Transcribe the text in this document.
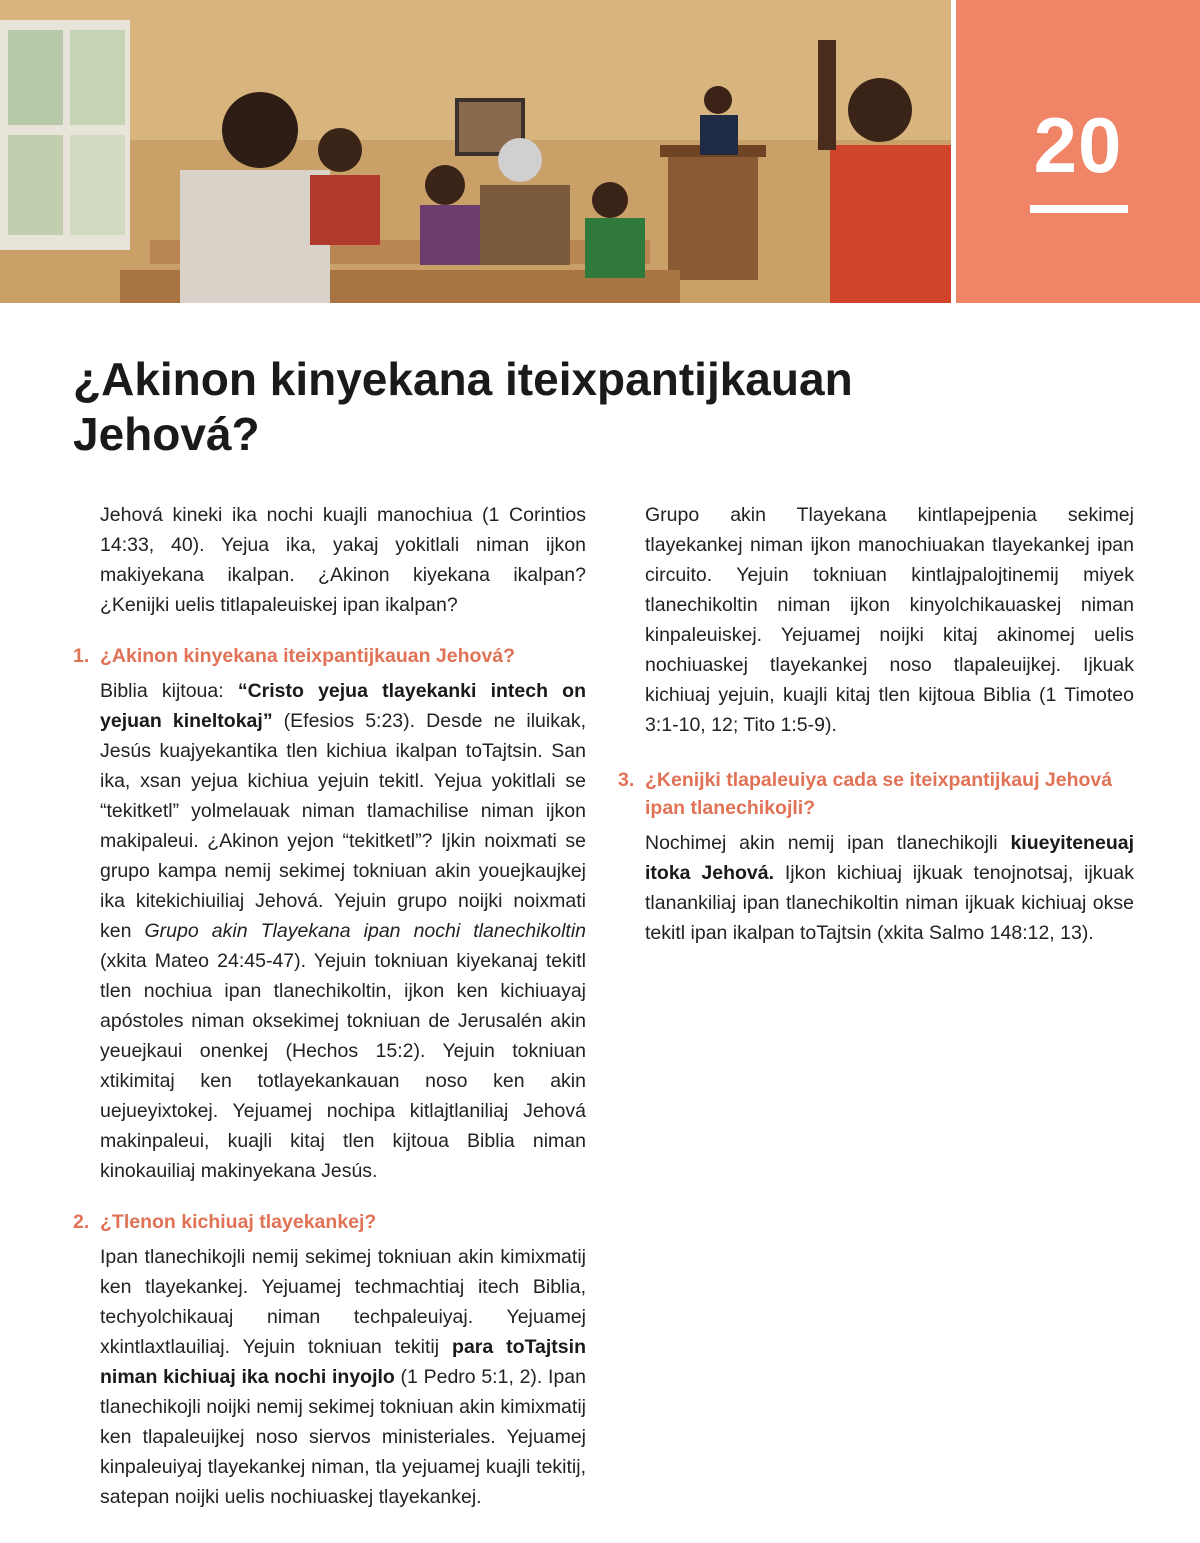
20
¿Akinon kinyekana iteixpantijkauan Jehová?

Jehová kineki ika nochi kuajli manochiua (1 Corintios 14:33, 40). Yejua ika, yakaj yokitlali niman ijkon makiyekana ikalpan. ¿Akinon kiyekana ikalpan? ¿Kenijki uelis titlapaleuiskej ipan ikalpan?

1. ¿Akinon kinyekana iteixpantijkauan Jehová?

Biblia kijtoua: “Cristo yejua tlayekanki intech on yejuan kineltokaj” (Efesios 5:23). Desde ne iluikak, Jesús kuajyekantika tlen kichiua ikalpan toTajtsin. San ika, xsan yejua kichiua yejuin tekitl. Yejua yokitlali se “tekitketl” yolmelauak niman tlamachilise niman ijkon makipaleui. ¿Akinon yejon “tekitketl”? Ijkin noixmati se grupo kampa nemij sekimej tokniuan akin youejkaujkej ika kitekichiuiliaj Jehová. Yejuin grupo noijki noixmati ken Grupo akin Tlayekana ipan nochi tlanechikoltin (xkita Mateo 24:45-47). Yejuin tokniuan kiyekanaj tekitl tlen nochiua ipan tlanechikoltin, ijkon ken kichiuayaj apóstoles niman oksekimej tokniuan de Jerusalén akin yeuejkaui onenkej (Hechos 15:2). Yejuin tokniuan xtikimitaj ken totlayekankauan noso ken akin uejueyixtokej. Yejuamej nochipa kitlajtlaniliaj Jehová makinpaleui, kuajli kitaj tlen kijtoua Biblia niman kinokauiliaj makinyekana Jesús.

2. ¿Tlenon kichiuaj tlayekankej?

Ipan tlanechikojli nemij sekimej tokniuan akin kimixmatij ken tlayekankej. Yejuamej techmachtiaj itech Biblia, techyolchikauaj niman techpaleuiyaj. Yejuamej xkintlaxtlauiliaj. Yejuin tokniuan tekitij para toTajtsin niman kichiuaj ika nochi inyojlo (1 Pedro 5:1, 2). Ipan tlanechikojli noijki nemij sekimej tokniuan akin kimixmatij ken tlapaleuijkej noso siervos ministeriales. Yejuamej kinpaleuiyaj tlayekankej niman, tla yejuamej kuajli tekitij, satepan noijki uelis nochiuaskej tlayekankej.

Grupo akin Tlayekana kintlapejpenia sekimej tlayekankej niman ijkon manochiuakan tlayekankej ipan circuito. Yejuin tokniuan kintlajpalojtinemij miyek tlanechikoltin niman ijkon kinyolchikauaskej niman kinpaleuiskej. Yejuamej noijki kitaj akinomej uelis nochiuaskej tlayekankej noso tlapaleuijkej. Ijkuak kichiuaj yejuin, kuajli kitaj tlen kijtoua Biblia (1 Timoteo 3:1-10, 12; Tito 1:5-9).

3. ¿Kenijki tlapaleuiya cada se iteixpantijkauj Jehová ipan tlanechikojli?

Nochimej akin nemij ipan tlanechikojli kiueyiteneuaj itoka Jehová. Ijkon kichiuaj ijkuak tenojnotsaj, ijkuak tlanankiliaj ipan tlanechikoltin niman ijkuak kichiuaj okse tekitl ipan ikalpan toTajtsin (xkita Salmo 148:12, 13).
